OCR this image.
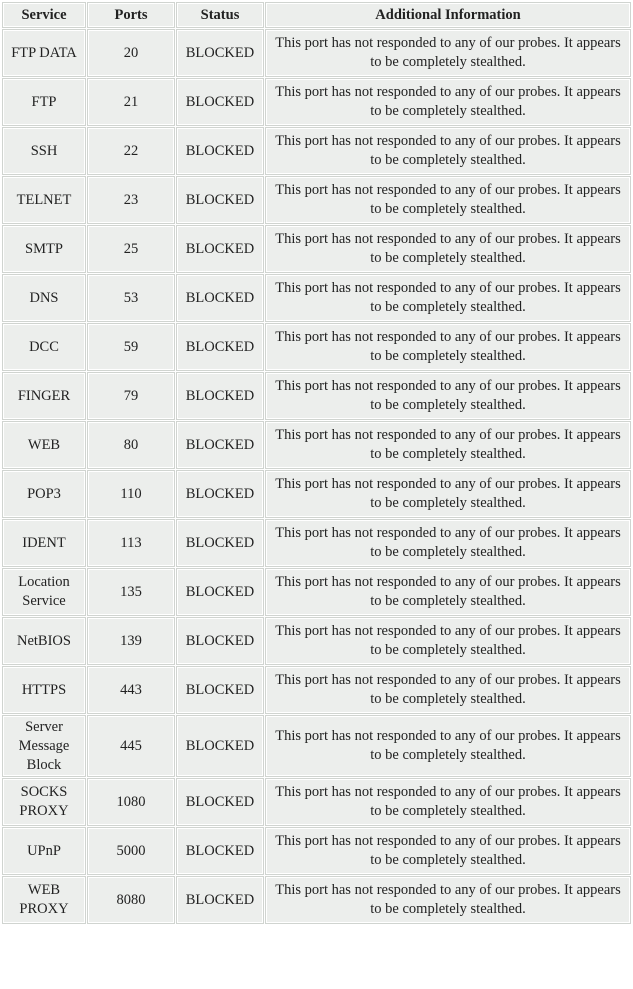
Service	Ports	Status	Additional Information
FTP DATA	20	BLOCKED	This port has not responded to any of our probes. It appears to be completely stealthed.
FTP	21	BLOCKED	This port has not responded to any of our probes. It appears to be completely stealthed.
SSH	22	BLOCKED	This port has not responded to any of our probes. It appears to be completely stealthed.
TELNET	23	BLOCKED	This port has not responded to any of our probes. It appears to be completely stealthed.
SMTP	25	BLOCKED	This port has not responded to any of our probes. It appears to be completely stealthed.
DNS	53	BLOCKED	This port has not responded to any of our probes. It appears to be completely stealthed.
DCC	59	BLOCKED	This port has not responded to any of our probes. It appears to be completely stealthed.
FINGER	79	BLOCKED	This port has not responded to any of our probes. It appears to be completely stealthed.
WEB	80	BLOCKED	This port has not responded to any of our probes. It appears to be completely stealthed.
POP3	110	BLOCKED	This port has not responded to any of our probes. It appears to be completely stealthed.
IDENT	113	BLOCKED	This port has not responded to any of our probes. It appears to be completely stealthed.
Location Service	135	BLOCKED	This port has not responded to any of our probes. It appears to be completely stealthed.
NetBIOS	139	BLOCKED	This port has not responded to any of our probes. It appears to be completely stealthed.
HTTPS	443	BLOCKED	This port has not responded to any of our probes. It appears to be completely stealthed.
Server Message Block	445	BLOCKED	This port has not responded to any of our probes. It appears to be completely stealthed.
SOCKS PROXY	1080	BLOCKED	This port has not responded to any of our probes. It appears to be completely stealthed.
UPnP	5000	BLOCKED	This port has not responded to any of our probes. It appears to be completely stealthed.
WEB PROXY	8080	BLOCKED	This port has not responded to any of our probes. It appears to be completely stealthed.
